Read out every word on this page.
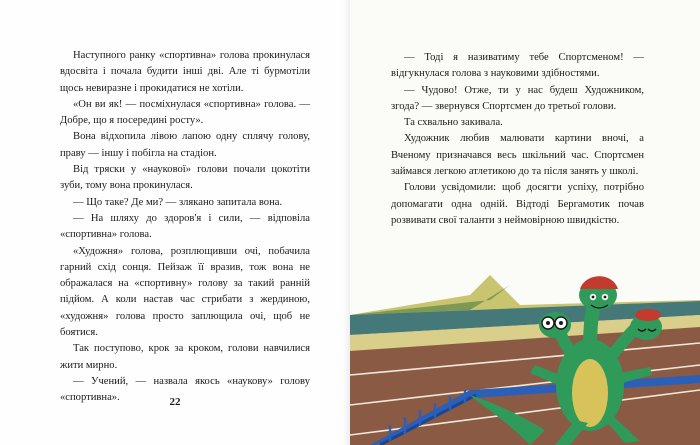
Наступного ранку «спортивна» голова прокинулася вдосвіта і почала будити інші дві. Але ті бурмотіли щось невиразне і прокидатися не хотіли.

«Он ви як! — посміхнулася «спортивна» голова. — Добре, що я посередині росту».

Вона відхопила лівою лапою одну сплячу голову, праву — іншу і побігла на стадіон.

Від тряски у «наукової» голови почали цокотіти зуби, тому вона прокинулася.

— Що таке? Де ми? — злякано запитала вона.

— На шляху до здоров'я і сили, — відповіла «спортивна» голова.

«Художня» голова, розплющивши очі, побачила гарний схід сонця. Пейзаж її вразив, тож вона не ображалася на «спортивну» голову за такий ранній підйом. А коли настав час стрибати з жердиною, «художня» голова просто заплющила очі, щоб не боятися.

Так поступово, крок за кроком, голови навчилися жити мирно.

— Учений, — назвала якось «наукову» голову «спортивна».	22

— Тоді я називатиму тебе Спортсменом! — відгукнулася голова з науковими здібностями.

— Чудово! Отже, ти у нас будеш Художником, згода? — звернувся Спортсмен до третьої голови.

Та схвально закивала.

Художник любив малювати картини вночі, а Вченому призначався весь шкільний час. Спортсмен займався легкою атлетикою до та після занять у школі.

Голови усвідомили: щоб досягти успіху, потрібно допомагати одна одній. Відтоді Бергамотик почав розвивати свої таланти з неймовірною швидкістю.
